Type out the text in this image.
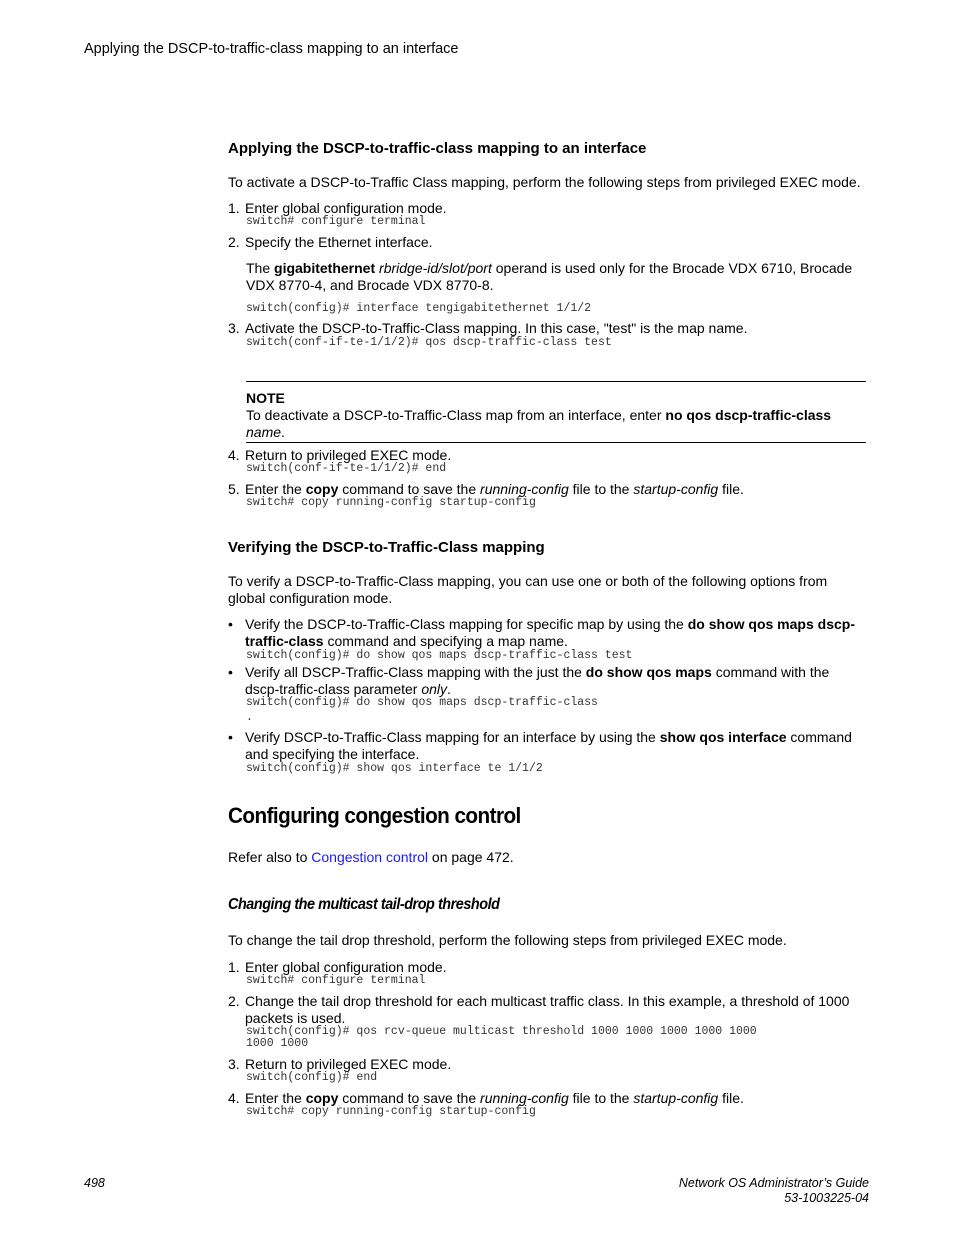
Applying the DSCP-to-traffic-class mapping to an interface
Applying the DSCP-to-traffic-class mapping to an interface
To activate a DSCP-to-Traffic Class mapping, perform the following steps from privileged EXEC mode.
1. Enter global configuration mode.
switch# configure terminal
2. Specify the Ethernet interface.
The gigabitethernet rbridge-id/slot/port operand is used only for the Brocade VDX 6710, Brocade VDX 8770-4, and Brocade VDX 8770-8.
switch(config)# interface tengigabitethernet 1/1/2
3. Activate the DSCP-to-Traffic-Class mapping. In this case, "test" is the map name.
switch(conf-if-te-1/1/2)# qos dscp-traffic-class test
NOTE
To deactivate a DSCP-to-Traffic-Class map from an interface, enter no qos dscp-traffic-class name.
4. Return to privileged EXEC mode.
switch(conf-if-te-1/1/2)# end
5. Enter the copy command to save the running-config file to the startup-config file.
switch# copy running-config startup-config
Verifying the DSCP-to-Traffic-Class mapping
To verify a DSCP-to-Traffic-Class mapping, you can use one or both of the following options from global configuration mode.
• Verify the DSCP-to-Traffic-Class mapping for specific map by using the do show qos maps dscp-traffic-class command and specifying a map name.
switch(config)# do show qos maps dscp-traffic-class test
• Verify all DSCP-Traffic-Class mapping with the just the do show qos maps command with the dscp-traffic-class parameter only.
switch(config)# do show qos maps dscp-traffic-class
.
• Verify DSCP-to-Traffic-Class mapping for an interface by using the show qos interface command and specifying the interface.
switch(config)# show qos interface te 1/1/2
Configuring congestion control
Refer also to Congestion control on page 472.
Changing the multicast tail-drop threshold
To change the tail drop threshold, perform the following steps from privileged EXEC mode.
1. Enter global configuration mode.
switch# configure terminal
2. Change the tail drop threshold for each multicast traffic class. In this example, a threshold of 1000 packets is used.
switch(config)# qos rcv-queue multicast threshold 1000 1000 1000 1000 1000
1000 1000
3. Return to privileged EXEC mode.
switch(config)# end
4. Enter the copy command to save the running-config file to the startup-config file.
switch# copy running-config startup-config
498	Network OS Administrator’s Guide
53-1003225-04
